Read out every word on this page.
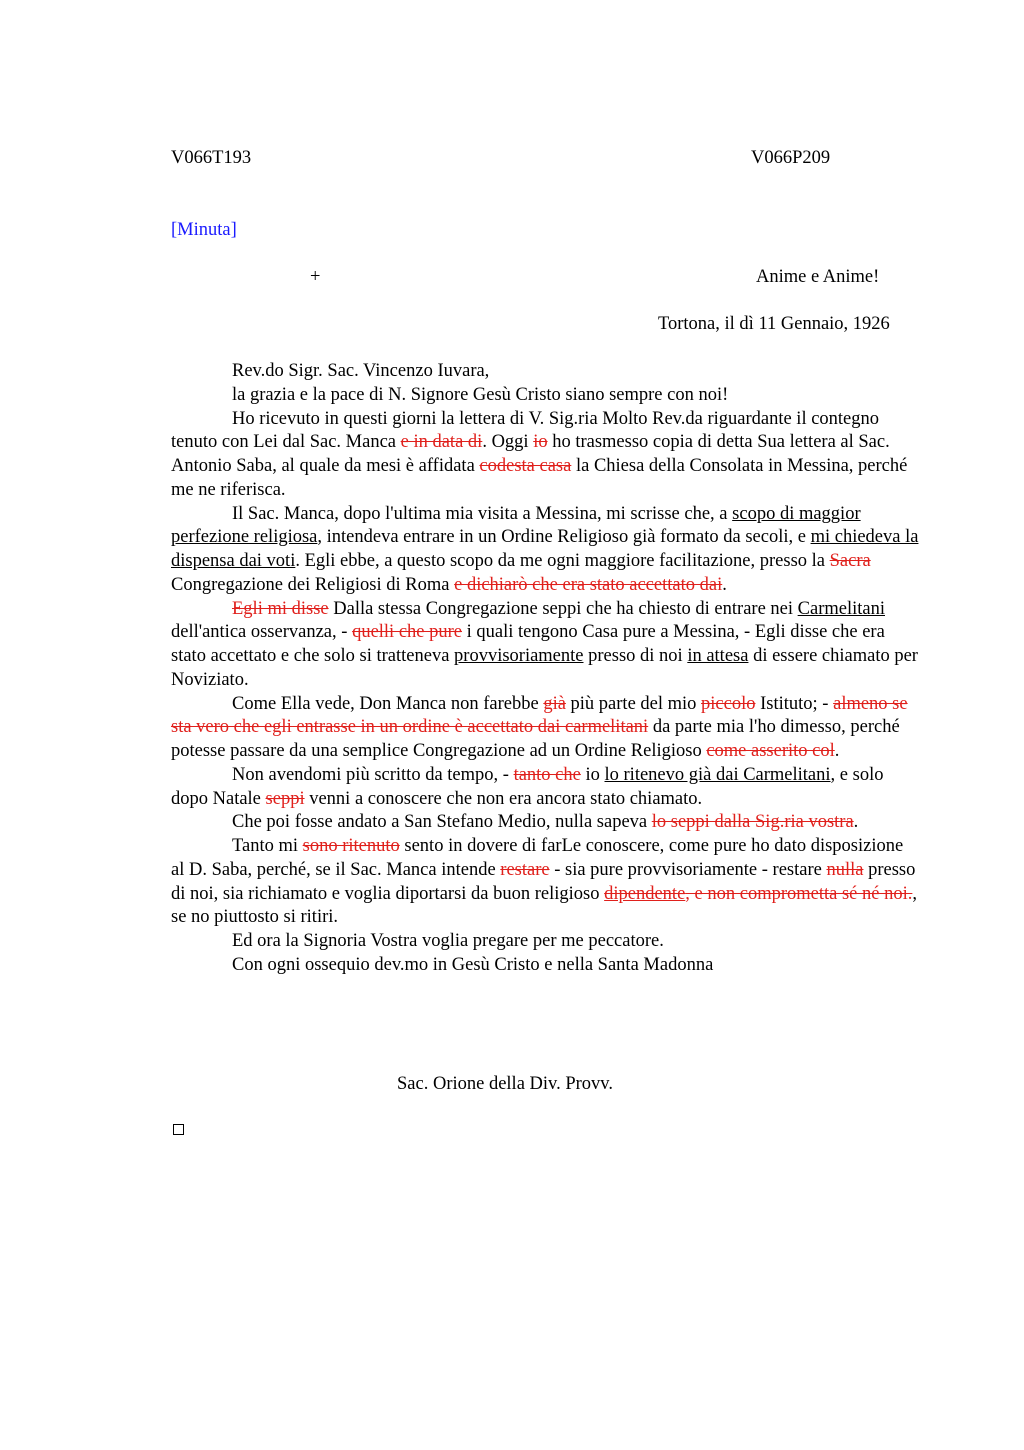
V066T193	V066P209
[Minuta]
+	Anime e Anime!
Tortona, il dì 11 Gennaio, 1926

Rev.do Sigr. Sac. Vincenzo Iuvara,

la grazia e la pace di N. Signore Gesù Cristo siano sempre con noi!

Ho ricevuto in questi giorni la lettera di V. Sig.ria Molto Rev.da riguardante il contegno tenuto con Lei dal Sac. Manca e in data di. Oggi io ho trasmesso copia di detta Sua lettera al Sac. Antonio Saba, al quale da mesi è affidata codesta casa la Chiesa della Consolata in Messina, perché me ne riferisca.

Il Sac. Manca, dopo l'ultima mia visita a Messina, mi scrisse che, a scopo di maggior perfezione religiosa, intendeva entrare in un Ordine Religioso già formato da secoli, e mi chiedeva la dispensa dai voti. Egli ebbe, a questo scopo da me ogni maggiore facilitazione, presso la Sacra Congregazione dei Religiosi di Roma e dichiarò che era stato accettato dai.

Egli mi disse Dalla stessa Congregazione seppi che ha chiesto di entrare nei Carmelitani dell'antica osservanza, - quelli che pure i quali tengono Casa pure a Messina, - Egli disse che era stato accettato e che solo si tratteneva provvisoriamente presso di noi in attesa di essere chiamato per Noviziato.

Come Ella vede, Don Manca non farebbe già più parte del mio piccolo Istituto; - almeno se sta vero che egli entrasse in un ordine è accettato dai carmelitani da parte mia l'ho dimesso, perché potesse passare da una semplice Congregazione ad un Ordine Religioso come asserito col.

Non avendomi più scritto da tempo, - tanto che io lo ritenevo già dai Carmelitani, e solo dopo Natale seppi venni a conoscere che non era ancora stato chiamato.

Che poi fosse andato a San Stefano Medio, nulla sapeva lo seppi dalla Sig.ria vostra.

Tanto mi sono ritenuto sento in dovere di farLe conoscere, come pure ho dato disposizione al D. Saba, perché, se il Sac. Manca intende restare - sia pure provvisoriamente - restare nulla presso di noi, sia richiamato e voglia diportarsi da buon religioso dipendente, e non comprometta sé né noi., se no piuttosto si ritiri.

Ed ora la Signoria Vostra voglia pregare per me peccatore.

Con ogni ossequio dev.mo in Gesù Cristo e nella Santa Madonna

Sac. Orione della Div. Provv.
